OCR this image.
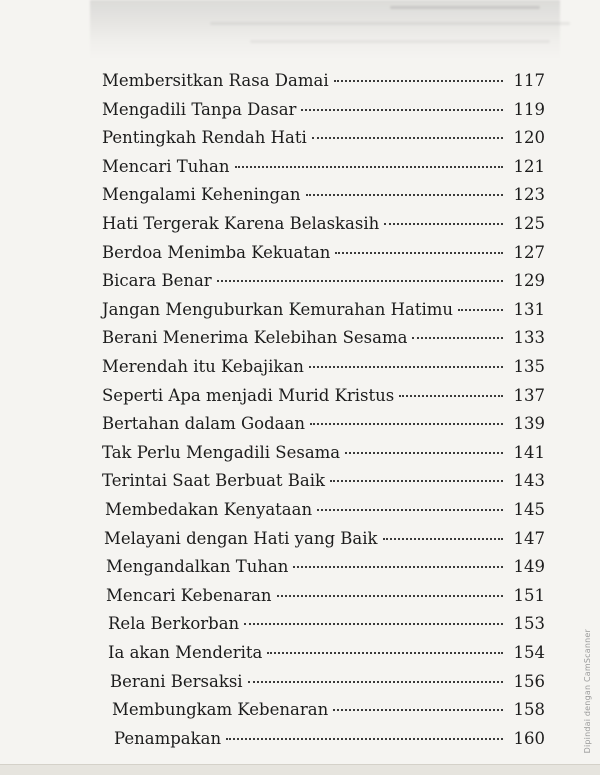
Membersitkan Rasa Damai	117
Mengadili Tanpa Dasar	119
Pentingkah Rendah Hati	120
Mencari Tuhan	121
Mengalami Keheningan	123
Hati Tergerak Karena Belaskasih	125
Berdoa Menimba Kekuatan	127
Bicara Benar	129
Jangan Menguburkan Kemurahan Hatimu	131
Berani Menerima Kelebihan Sesama	133
Merendah itu Kebajikan	135
Seperti Apa menjadi Murid Kristus	137
Bertahan dalam Godaan	139
Tak Perlu Mengadili Sesama	141
Terintai Saat Berbuat Baik	143
Membedakan Kenyataan	145
Melayani dengan Hati yang Baik	147
Mengandalkan Tuhan	149
Mencari Kebenaran	151
Rela Berkorban	153
Ia akan Menderita	154
Berani Bersaksi	156
Membungkam Kebenaran	158
Penampakan	160	Dipindai dengan CamScanner
